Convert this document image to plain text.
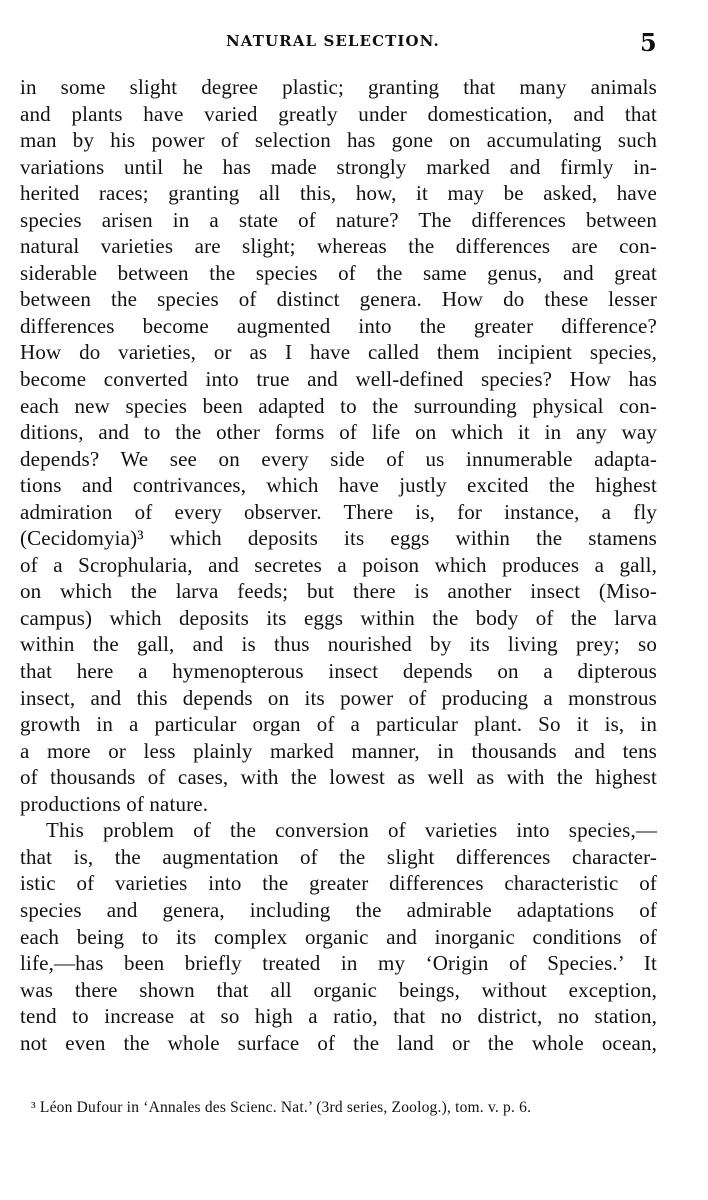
NATURAL SELECTION.	5
in some slight degree plastic; granting that many animals
and plants have varied greatly under domestication, and that
man by his power of selection has gone on accumulating such
variations until he has made strongly marked and firmly in-
herited races; granting all this, how, it may be asked, have
species arisen in a state of nature? The differences between
natural varieties are slight; whereas the differences are con-
siderable between the species of the same genus, and great
between the species of distinct genera. How do these lesser
differences become augmented into the greater difference?
How do varieties, or as I have called them incipient species,
become converted into true and well-defined species? How has
each new species been adapted to the surrounding physical con-
ditions, and to the other forms of life on which it in any way
depends? We see on every side of us innumerable adapta-
tions and contrivances, which have justly excited the highest
admiration of every observer. There is, for instance, a fly
(Cecidomyia)³ which deposits its eggs within the stamens
of a Scrophularia, and secretes a poison which produces a gall,
on which the larva feeds; but there is another insect (Miso-
campus) which deposits its eggs within the body of the larva
within the gall, and is thus nourished by its living prey; so
that here a hymenopterous insect depends on a dipterous
insect, and this depends on its power of producing a monstrous
growth in a particular organ of a particular plant. So it is, in
a more or less plainly marked manner, in thousands and tens
of thousands of cases, with the lowest as well as with the highest
productions of nature.
This problem of the conversion of varieties into species,—
that is, the augmentation of the slight differences character-
istic of varieties into the greater differences characteristic of
species and genera, including the admirable adaptations of
each being to its complex organic and inorganic conditions of
life,—has been briefly treated in my ‘Origin of Species.’ It
was there shown that all organic beings, without exception,
tend to increase at so high a ratio, that no district, no station,
not even the whole surface of the land or the whole ocean,
³ Léon Dufour in ‘Annales des Scienc. Nat.’ (3rd series, Zoolog.), tom. v. p. 6.
